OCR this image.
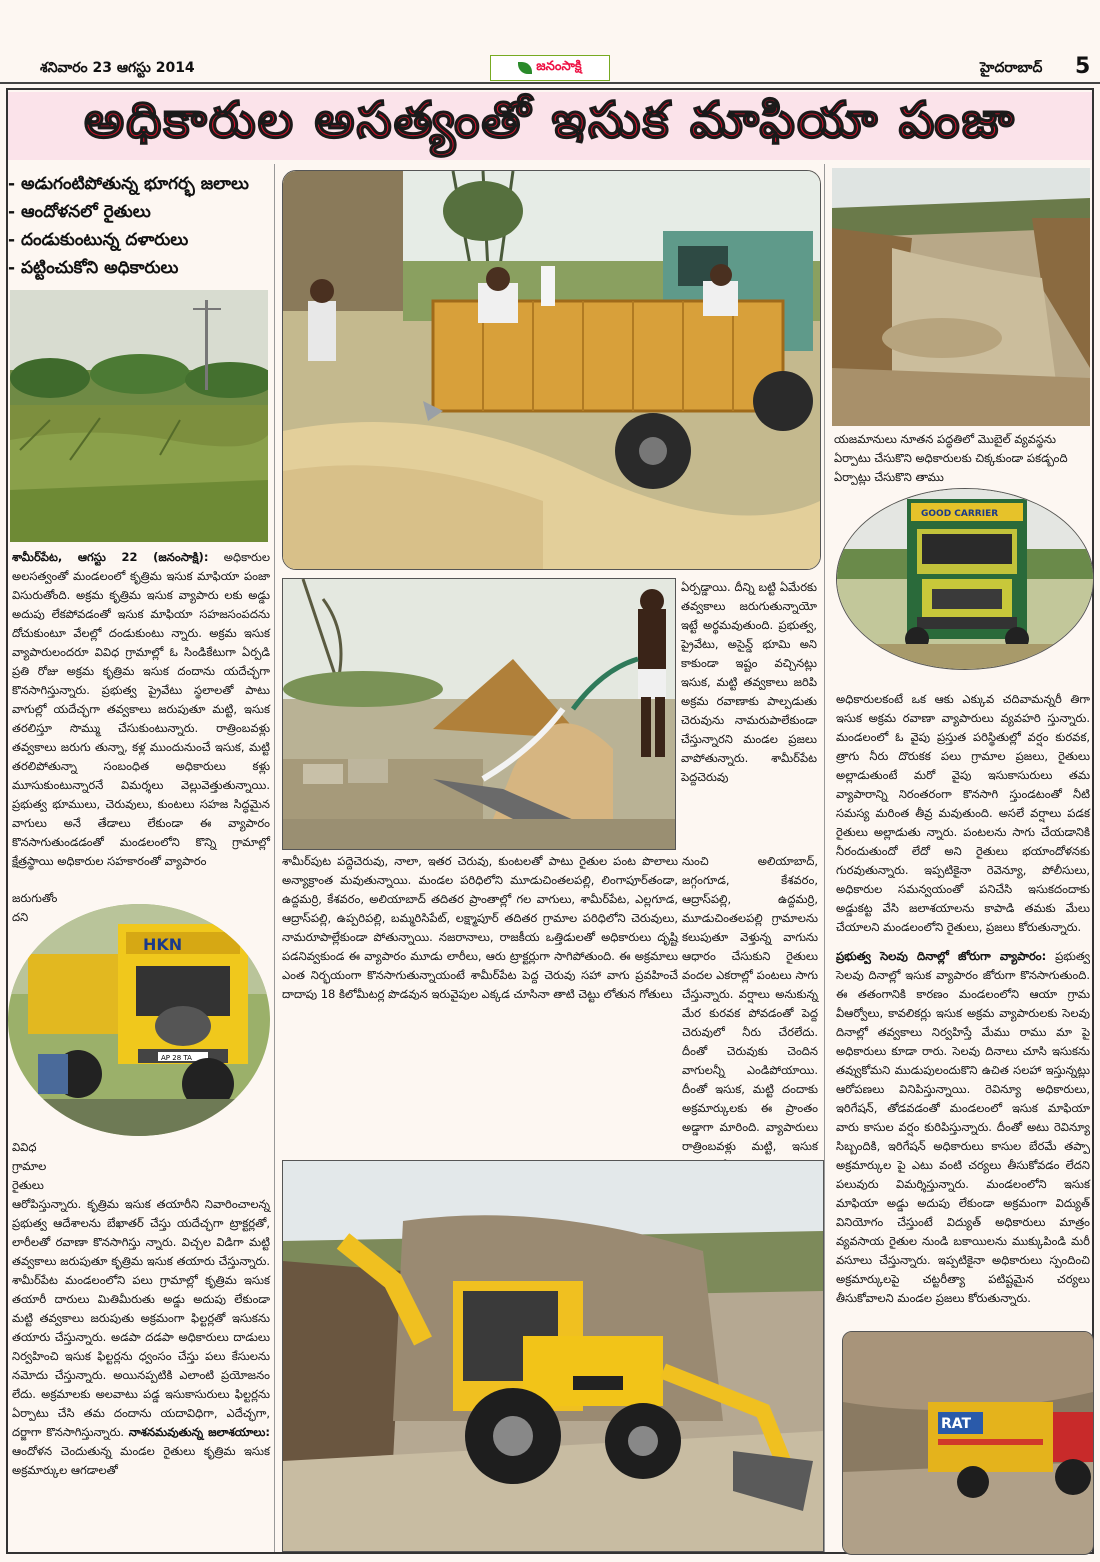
శనివారం 23 ఆగస్టు 2014	జనంసాక్షి	హైదరాబాద్ 5
అధికారుల అసత్యంతో ఇసుక మాఫియా పంజా
- అడుగంటిపోతున్న భూగర్భ జలాలు
- ఆందోళనలో రైతులు
- దండుకుంటున్న దళారులు
- పట్టించుకోని అధికారులు
శామీర్‌పేట, ఆగస్టు 22 (జనంసాక్షి): అధికారుల అలసత్వంతో మండలంలో కృత్రిమ ఇసుక మాఫియా పంజా విసురుతోంది. అక్రమ కృత్రిమ ఇసుక వ్యాపారు లకు అడ్డు అదుపు లేకపోవడంతో ఇసుక మాఫియా సహజసంపదను దోచుకుంటూ వేలల్లో దండుకుంటు న్నారు. అక్రమ ఇసుక వ్యాపారులందరూ వివిధ గ్రామాల్లో ఓ సిండికేటుగా ఏర్పడి ప్రతి రోజు అక్రమ కృత్రిమ ఇసుక దందాను యదేచ్ఛగా కొనసాగిస్తున్నారు. ప్రభుత్వ ప్రైవేటు స్థలాలతో పాటు వాగుల్లో యదేచ్ఛగా తవ్వకాలు జరుపుతూ మట్టి, ఇసుక తరలిస్తూ సొమ్ము చేసుకుంటున్నారు. రాత్రింబవళ్లు తవ్వకాలు జరుగు తున్నా, కళ్ల ముందునుంచే ఇసుక, మట్టి తరలిపోతున్నా సంబంధిత అధికారులు కళ్లు మూసుకుంటున్నారనే విమర్శలు వెల్లువెత్తుతున్నాయి. ప్రభుత్వ భూములు, చెరువులు, కుంటలు సహజ సిద్ధమైన వాగులు అనే తేడాలు లేకుండా ఈ వ్యాపారం కొనసాగుతుండడంతో మండలంలోని కొన్ని గ్రామాల్లో క్షేత్రస్థాయి అధికారుల సహకారంతో వ్యాపారం
జరుగుతోం
దని
HKN
AP 28 TA
వివిధ
గ్రామాల
రైతులు
ఆరోపిస్తున్నారు. కృత్రిమ ఇసుక తయారీని నివారించాలన్న ప్రభుత్వ ఆదేశాలను బేఖాతర్ చేస్తు యదేచ్ఛగా ట్రాక్టర్లతో, లారీలతో రవాణా కొనసాగిస్తు న్నారు. విచ్చల విడిగా మట్టి తవ్వకాలు జరుపుతూ కృత్రిమ ఇసుక తయారు చేస్తున్నారు. శామీర్‌పేట మండలంలోని పలు గ్రామాల్లో కృత్రిమ ఇసుక తయారీ దారులు మితిమీరుతు అడ్డు అదుపు లేకుండా మట్టి తవ్వకాలు జరుపుతు అక్రమంగా ఫిల్టర్లతో ఇసుకను తయారు చేస్తున్నారు. అడపా దడపా అధికారులు దాడులు నిర్వహించి ఇసుక ఫిల్టర్లను ధ్వంసం చేస్తు పలు కేసులను నమోదు చేస్తున్నారు. అయినప్పటికి ఎలాంటి ప్రయోజనం లేదు. అక్రమాలకు అలవాటు పడ్డ ఇసుకాసురులు ఫిల్టర్లను ఏర్పాటు చేసి తమ దందాను యదావిధిగా, ఎదేచ్ఛగా, దర్జాగా కొనసాగిస్తున్నారు. నాశనమవుతున్న జలాశయాలు: ఆందోళన చెందుతున్న మండల రైతులు కృత్రిమ ఇసుక అక్రమార్కుల ఆగడాలతో
ఏర్పడ్డాయి. దీన్ని బట్టి ఏమేరకు తవ్వకాలు జరుగుతున్నాయో ఇట్టే అర్థమవుతుంది. ప్రభుత్వ, ప్రైవేటు, అసైన్డ్ భూమి అని కాకుండా ఇష్టం వచ్చినట్లు ఇసుక, మట్టి తవ్వకాలు జరిపి అక్రమ రవాణాకు పాల్పడుతు చెరువును నామరుపాలేకుండా చేస్తున్నారని మండల ప్రజలు వాపోతున్నారు. శామీర్‌పేట పెద్దచెరువు
శామీర్‌పుట పద్దెచెరువు, నాలా, ఇతర చెరువు, కుంటలతో పాటు రైతుల పంట పొలాలు అన్యాక్రాంత మవుతున్నాయి. మండల పరిధిలోని మూడుచింతలపల్లి, లింగాపూర్‌తండా, ఉద్దమర్రి, కేశవరం, అలియాబాద్ తదితర ప్రాంతాల్లో గల వాగులు, శామీర్‌పేట, ఎల్లగూడ, ఆద్రాస్‌పల్లి, ఉప్పరిపల్లి, బమ్మరిసిపేట్, లక్ష్మాపూర్ తదితర గ్రామాల పరిధిలోని చెరువులు, నామరూపాల్లేకుండా పోతున్నాయి. నజరానాలు, రాజకీయ ఒత్తిడులతో అధికారులు దృష్టి పడనివ్వకుండ ఈ వ్యాపారం మూడు లారీలు, ఆరు ట్రాక్టర్లుగా సాగిపోతుంది. ఈ అక్రమాలు ఎంత నిర్భయంగా కొనసాగుతున్నాయంటే శామీర్‌పేట పెద్ద చెరువు సహా వాగు ప్రవహించే దాదాపు 18 కిలోమీటర్ల పొడవున ఇరువైపుల ఎక్కడ చూసినా తాటి చెట్టు లోతున గోతులు
నుంచి అలియాబాద్, జగ్గంగూడ, కేశవరం, ఆద్రాస్‌పల్లి, ఉద్దమర్రి, మూడుచింతలపల్లి గ్రామాలను కలుపుతూ వెళ్తున్న వాగును ఆధారం చేసుకుని రైతులు వందల ఎకరాల్లో పంటలు సాగు చేస్తున్నారు. వర్షాలు అనుకున్న మేర కురవక పోవడంతో పెద్ద చెరువులో నీరు చేరలేదు. దీంతో చెరువుకు చెందిన వాగులన్నీ ఎండిపోయాయి. దీంతో ఇసుక, మట్టి దందాకు అక్రమార్కులకు ఈ ప్రాంతం అడ్డాగా మారింది. వ్యాపారులు రాత్రింబవళ్లు మట్టి, ఇసుక
యజమానులు నూతన పద్ధతిలో మొబైల్ వ్యవస్థను ఏర్పాటు చేసుకొని అధికారులకు చిక్కకుండా పకడ్బంది ఏర్పాట్లు చేసుకొని తాము
GOOD CARRIER
అధికారులకంటే ఒక ఆకు ఎక్కువ చదివామన్నరీ తిగా ఇసుక అక్రమ రవాణా వ్యాపారులు వ్యవహరి స్తున్నారు. మండలంలో ఓ వైపు ప్రస్తుత పరిస్థితుల్లో వర్షం కురవక, త్రాగు నీరు దొరుకక పలు గ్రామాల ప్రజలు, రైతులు అల్లాడుతుంటే మరో వైపు ఇసుకాసురులు తమ వ్యాపారాన్ని నిరంతరంగా కొనసాగి స్తుండటంతో నీటి సమస్య మరింత తీవ్ర మవుతుంది. అసలే వర్షాలు పడక రైతులు అల్లాడుతు న్నారు. పంటలను సాగు చేయడానికి నీరందుతుందో లేదో అని రైతులు భయాందోళనకు గురవుతున్నారు. ఇప్పటికైనా రెవెన్యూ, పోలీసులు, అధికారుల సమన్వయంతో పనిచేసి ఇసుకదందాకు అడ్డుకట్ట వేసి జలాశయాలను కాపాడి తమకు మేలు చేయాలని మండలంలోని రైతులు, ప్రజలు కోరుతున్నారు.
ప్రభుత్వ సెలవు దినాల్లో జోరుగా వ్యాపారం: ప్రభుత్వ సెలవు దినాల్లో ఇసుక వ్యాపారం జోరుగా కొనసాగుతుంది. ఈ తతంగానికి కారణం మండలంలోని ఆయా గ్రామ వీఆర్వోలు, కావలికర్లు ఇసుక అక్రమ వ్యాపారులకు సెలవు దినాల్లో తవ్వకాలు నిర్వహిస్తే మేము రాము మా పై అధికారులు కూడా రారు. సెలవు దినాలు చూసి ఇసుకను తవ్వుకోమని ముడుపులందుకొని ఉచిత సలహా ఇస్తున్నట్లు ఆరోపణలు వినిపిస్తున్నాయి. రెవిన్యూ అధికారులు, ఇరిగేషన్, తోడవడంతో మండలంలో ఇసుక మాఫియా వారు కాసుల వర్షం కురిపిస్తున్నారు. దీంతో అటు రెవిన్యూ సిబ్బందికి, ఇరిగేషన్ అధికారులు కాసుల బేరమే తప్పా అక్రమార్కుల పై ఎటు వంటి చర్యలు తీసుకోవడం లేదని పలువురు విమర్శిస్తున్నారు. మండలంలోని ఇసుక మాఫియా అడ్డు అదుపు లేకుండా అక్రమంగా విద్యుత్ వినియోగం చేస్తుంటే విద్యుత్ అధికారులు మాత్రం వ్యవసాయ రైతుల నుండి బకాయిలను ముక్కుపిండి మరీ వసూలు చేస్తున్నారు. ఇప్పటికైనా అధికారులు స్పందించి అక్రమార్కులపై చట్టరీత్యా పటిష్టమైన చర్యలు తీసుకోవాలని మండల ప్రజలు కోరుతున్నారు.
RAT
